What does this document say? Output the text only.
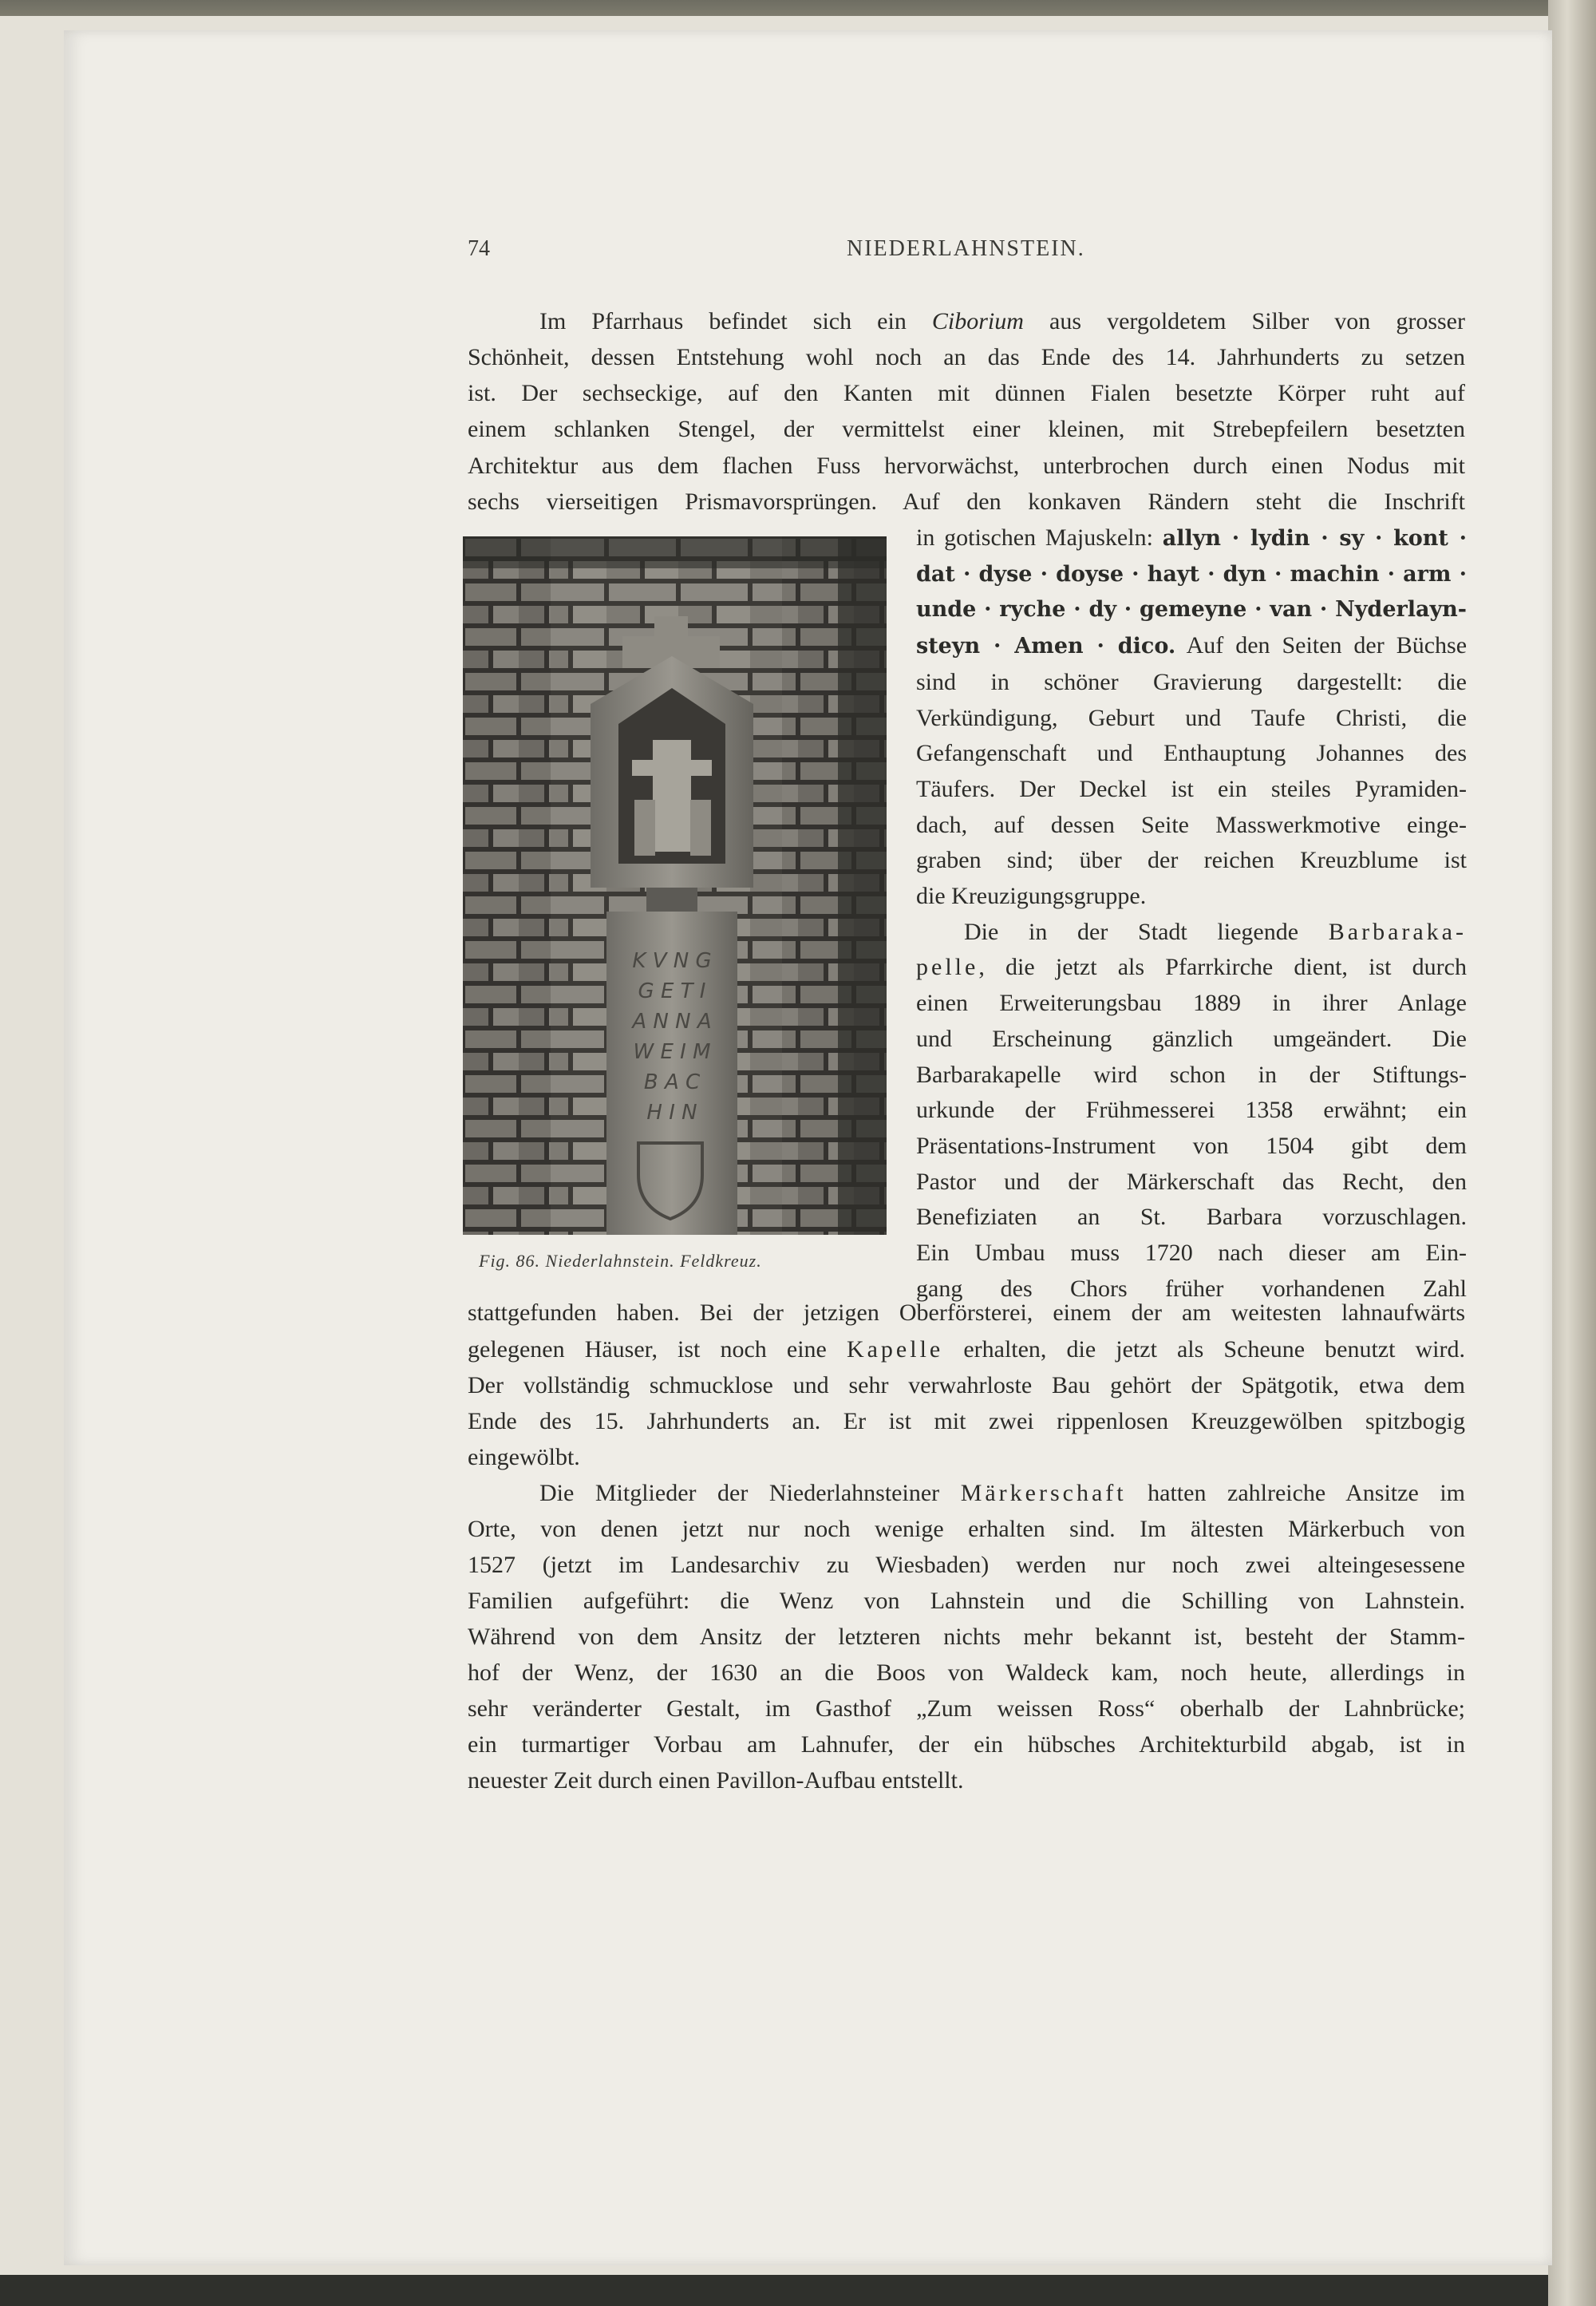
74	NIEDERLAHNSTEIN.
Im Pfarrhaus befindet sich ein Ciborium aus vergoldetem Silber von grosser
Schönheit, dessen Entstehung wohl noch an das Ende des 14. Jahrhunderts zu setzen
ist. Der sechseckige, auf den Kanten mit dünnen Fialen besetzte Körper ruht auf
einem schlanken Stengel, der vermittelst einer kleinen, mit Strebepfeilern besetzten
Architektur aus dem flachen Fuss hervorwächst, unterbrochen durch einen Nodus mit
sechs vierseitigen Prismavorsprüngen. Auf den konkaven Rändern steht die Inschrift
K V N G
G E T I
A N N A
W E I M
B A C
H I N
Fig. 86. Niederlahnstein. Feldkreuz.
in gotischen Majuskeln: allyn · lydin · sy · kont ·
dat · dyse · doyse · hayt · dyn · machin · arm ·
unde · ryche · dy · gemeyne · van · Nyderlayn-
steyn · Amen · dico. Auf den Seiten der Büchse
sind in schöner Gravierung dargestellt: die
Verkündigung, Geburt und Taufe Christi, die
Gefangenschaft und Enthauptung Johannes des
Täufers. Der Deckel ist ein steiles Pyramiden-
dach, auf dessen Seite Masswerkmotive einge-
graben sind; über der reichen Kreuzblume ist
die Kreuzigungsgruppe.
Die in der Stadt liegende Barbaraka-
pelle, die jetzt als Pfarrkirche dient, ist durch
einen Erweiterungsbau 1889 in ihrer Anlage
und Erscheinung gänzlich umgeändert. Die
Barbarakapelle wird schon in der Stiftungs-
urkunde der Frühmesserei 1358 erwähnt; ein
Präsentations-Instrument von 1504 gibt dem
Pastor und der Märkerschaft das Recht, den
Benefiziaten an St. Barbara vorzuschlagen.
Ein Umbau muss 1720 nach dieser am Ein-
gang des Chors früher vorhandenen Zahl
stattgefunden haben. Bei der jetzigen Oberförsterei, einem der am weitesten lahnaufwärts
gelegenen Häuser, ist noch eine Kapelle erhalten, die jetzt als Scheune benutzt wird.
Der vollständig schmucklose und sehr verwahrloste Bau gehört der Spätgotik, etwa dem
Ende des 15. Jahrhunderts an. Er ist mit zwei rippenlosen Kreuzgewölben spitzbogig
eingewölbt.
Die Mitglieder der Niederlahnsteiner Märkerschaft hatten zahlreiche Ansitze im
Orte, von denen jetzt nur noch wenige erhalten sind. Im ältesten Märkerbuch von
1527 (jetzt im Landesarchiv zu Wiesbaden) werden nur noch zwei alteingesessene
Familien aufgeführt: die Wenz von Lahnstein und die Schilling von Lahnstein.
Während von dem Ansitz der letzteren nichts mehr bekannt ist, besteht der Stamm-
hof der Wenz, der 1630 an die Boos von Waldeck kam, noch heute, allerdings in
sehr veränderter Gestalt, im Gasthof „Zum weissen Ross“ oberhalb der Lahnbrücke;
ein turmartiger Vorbau am Lahnufer, der ein hübsches Architekturbild abgab, ist in
neuester Zeit durch einen Pavillon-Aufbau entstellt.
